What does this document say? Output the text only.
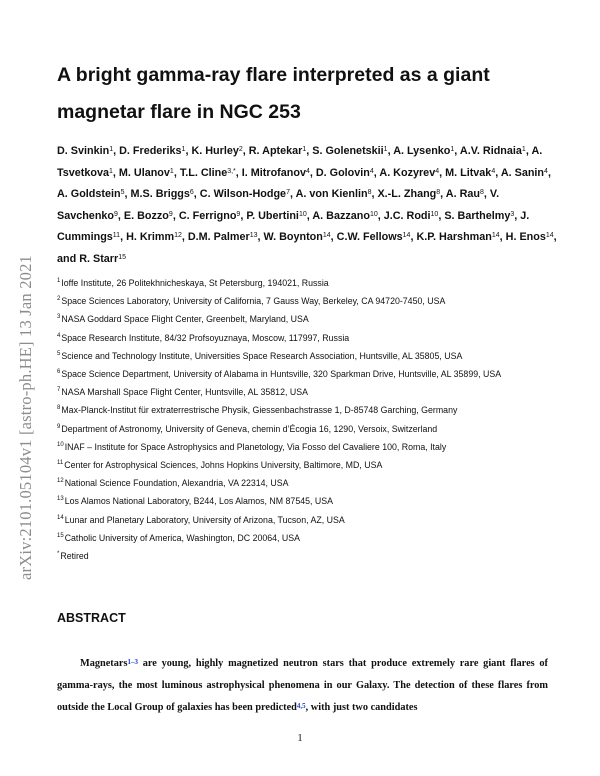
arXiv:2101.05104v1 [astro-ph.HE] 13 Jan 2021
A bright gamma-ray flare interpreted as a giant
magnetar flare in NGC 253
D. Svinkin$^1$, D. Frederiks$^1$, K. Hurley$^2$, R. Aptekar$^1$, S. Golenetskii$^1$, A. Lysenko$^1$, A.V. Ridnaia$^1$, A. Tsvetkova$^1$, M. Ulanov$^1$, T.L. Cline$^{3,*}$, I. Mitrofanov$^4$, D. Golovin$^4$, A. Kozyrev$^4$, M. Litvak$^4$, A. Sanin$^4$, A. Goldstein$^5$, M.S. Briggs$^6$, C. Wilson-Hodge$^7$, A. von Kienlin$^8$, X.-L. Zhang$^8$, A. Rau$^8$, V. Savchenko$^9$, E. Bozzo$^9$, C. Ferrigno$^9$, P. Ubertini$^{10}$, A. Bazzano$^{10}$, J.C. Rodi$^{10}$, S. Barthelmy$^3$, J. Cummings$^{11}$, H. Krimm$^{12}$, D.M. Palmer$^{13}$, W. Boynton$^{14}$, C.W. Fellows$^{14}$, K.P. Harshman$^{14}$, H. Enos$^{14}$, and R. Starr$^{15}$
$^1$Ioffe Institute, 26 Politekhnicheskaya, St Petersburg, 194021, Russia
$^2$Space Sciences Laboratory, University of California, 7 Gauss Way, Berkeley, CA 94720-7450, USA
$^3$NASA Goddard Space Flight Center, Greenbelt, Maryland, USA
$^4$Space Research Institute, 84/32 Profsoyuznaya, Moscow, 117997, Russia
$^5$Science and Technology Institute, Universities Space Research Association, Huntsville, AL 35805, USA
$^6$Space Science Department, University of Alabama in Huntsville, 320 Sparkman Drive, Huntsville, AL 35899, USA
$^7$NASA Marshall Space Flight Center, Huntsville, AL 35812, USA
$^8$Max-Planck-Institut für extraterrestrische Physik, Giessenbachstrasse 1, D-85748 Garching, Germany
$^9$Department of Astronomy, University of Geneva, chemin d’Écogia 16, 1290, Versoix, Switzerland
$^{10}$INAF – Institute for Space Astrophysics and Planetology, Via Fosso del Cavaliere 100, Roma, Italy
$^{11}$Center for Astrophysical Sciences, Johns Hopkins University, Baltimore, MD, USA
$^{12}$National Science Foundation, Alexandria, VA 22314, USA
$^{13}$Los Alamos National Laboratory, B244, Los Alamos, NM 87545, USA
$^{14}$Lunar and Planetary Laboratory, University of Arizona, Tucson, AZ, USA
$^{15}$Catholic University of America, Washington, DC 20064, USA
*Retired
ABSTRACT

Magnetars$^{1-3}$ are young, highly magnetized neutron stars that produce extremely rare giant flares of gamma-rays, the most luminous astrophysical phenomena in our Galaxy. The detection of these flares from outside the Local Group of galaxies has been predicted$^{4,5}$, with just two candidates

1
